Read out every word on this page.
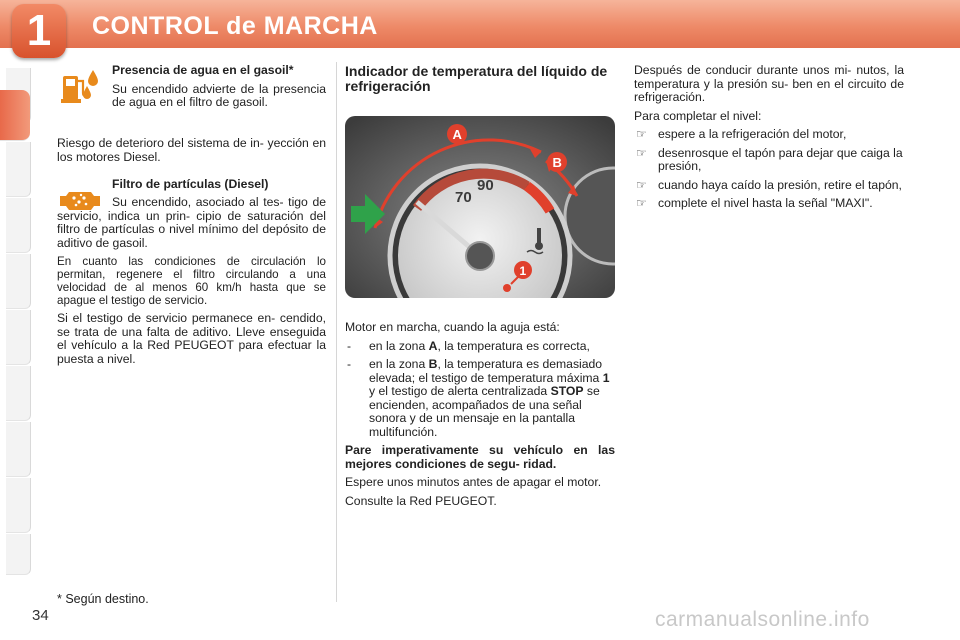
1	CONTROL de MARCHA

Presencia de agua en el gasoil*

Su encendido advierte de la presencia de agua en el filtro de gasoil.

Riesgo de deterioro del sistema de in- yección en los motores Diesel.

Filtro de partículas (Diesel)

Su encendido, asociado al tes- tigo de servicio, indica un prin- cipio de saturación del filtro de partículas o nivel mínimo del depósito de aditivo de gasoil.

En cuanto las condiciones de circulación lo permitan, regenere el filtro circulando a una velocidad de al menos 60 km/h hasta que se apague el testigo de servicio.

Si el testigo de servicio permanece en- cendido, se trata de una falta de aditivo. Lleve enseguida el vehículo a la Red PEUGEOT para efectuar la puesta a nivel.

Indicador de temperatura del líquido de refrigeración
70
90
A
B
1

Motor en marcha, cuando la aguja está:

- en la zona A, la temperatura es correcta,
- en la zona B, la temperatura es demasiado elevada; el testigo de temperatura máxima 1 y el testigo de alerta centralizada STOP se encienden, acompañados de una señal sonora y de un mensaje en la pantalla multifunción.

Pare imperativamente su vehículo en las mejores condiciones de segu- ridad.

Espere unos minutos antes de apagar el motor.

Consulte la Red PEUGEOT.

Después de conducir durante unos mi- nutos, la temperatura y la presión su- ben en el circuito de refrigeración.

Para completar el nivel:

☞ espere a la refrigeración del motor,
☞ desenrosque el tapón para dejar que caiga la presión,
☞ cuando haya caído la presión, retire el tapón,
☞ complete el nivel hasta la señal "MAXI".
* Según destino.
34	carmanualsonline.info
